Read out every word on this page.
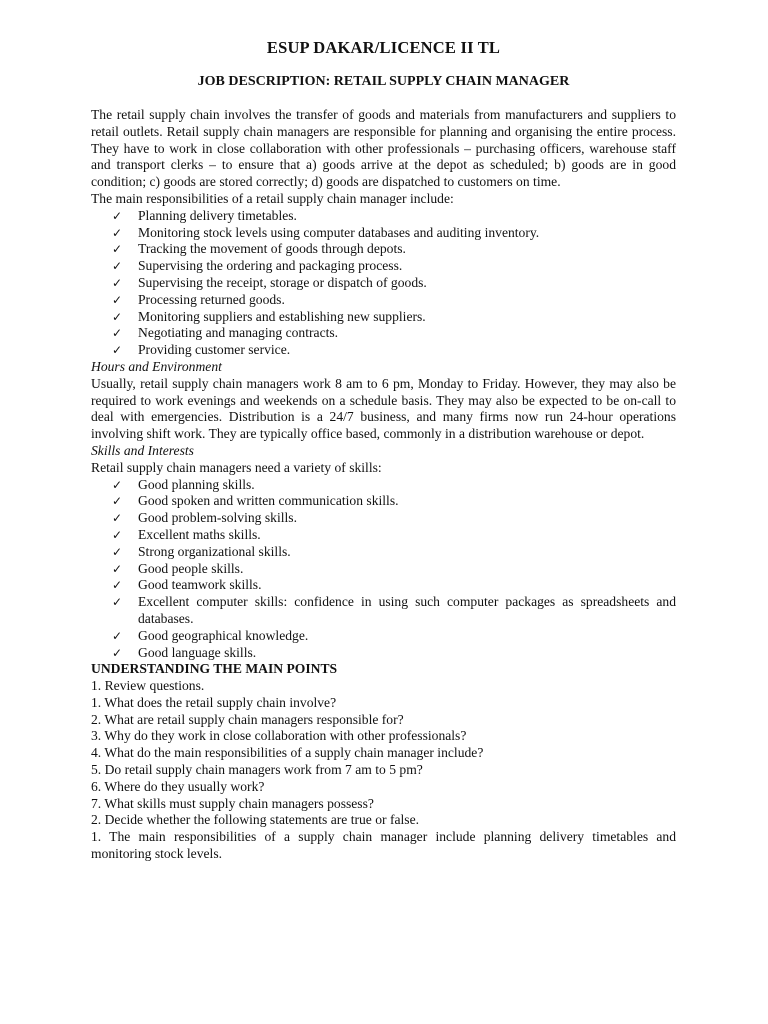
ESUP DAKAR/LICENCE II TL
JOB DESCRIPTION: RETAIL SUPPLY CHAIN MANAGER

The retail supply chain involves the transfer of goods and materials from manufacturers and suppliers to retail outlets. Retail supply chain managers are responsible for planning and organising the entire process. They have to work in close collaboration with other professionals – purchasing officers, warehouse staff and transport clerks – to ensure that a) goods arrive at the depot as scheduled; b) goods are in good condition; c) goods are stored correctly; d) goods are dispatched to customers on time.

The main responsibilities of a retail supply chain manager include:

✓	Planning delivery timetables.
✓	Monitoring stock levels using computer databases and auditing inventory.
✓	Tracking the movement of goods through depots.
✓	Supervising the ordering and packaging process.
✓	Supervising the receipt, storage or dispatch of goods.
✓	Processing returned goods.
✓	Monitoring suppliers and establishing new suppliers.
✓	Negotiating and managing contracts.
✓	Providing customer service.

Hours and Environment

Usually, retail supply chain managers work 8 am to 6 pm, Monday to Friday. However, they may also be required to work evenings and weekends on a schedule basis. They may also be expected to be on-call to deal with emergencies. Distribution is a 24/7 business, and many firms now run 24-hour operations involving shift work. They are typically office based, commonly in a distribution warehouse or depot.

Skills and Interests

Retail supply chain managers need a variety of skills:

✓	Good planning skills.
✓	Good spoken and written communication skills.
✓	Good problem-solving skills.
✓	Excellent maths skills.
✓	Strong organizational skills.
✓	Good people skills.
✓	Good teamwork skills.
✓	Excellent computer skills: confidence in using such computer packages as spreadsheets and databases.
✓	Good geographical knowledge.
✓	Good language skills.

UNDERSTANDING THE MAIN POINTS

1. Review questions.

1. What does the retail supply chain involve?

2. What are retail supply chain managers responsible for?

3. Why do they work in close collaboration with other professionals?

4. What do the main responsibilities of a supply chain manager include?

5. Do retail supply chain managers work from 7 am to 5 pm?

6. Where do they usually work?

7. What skills must supply chain managers possess?

2. Decide whether the following statements are true or false.

1. The main responsibilities of a supply chain manager include planning delivery timetables and monitoring stock levels.
